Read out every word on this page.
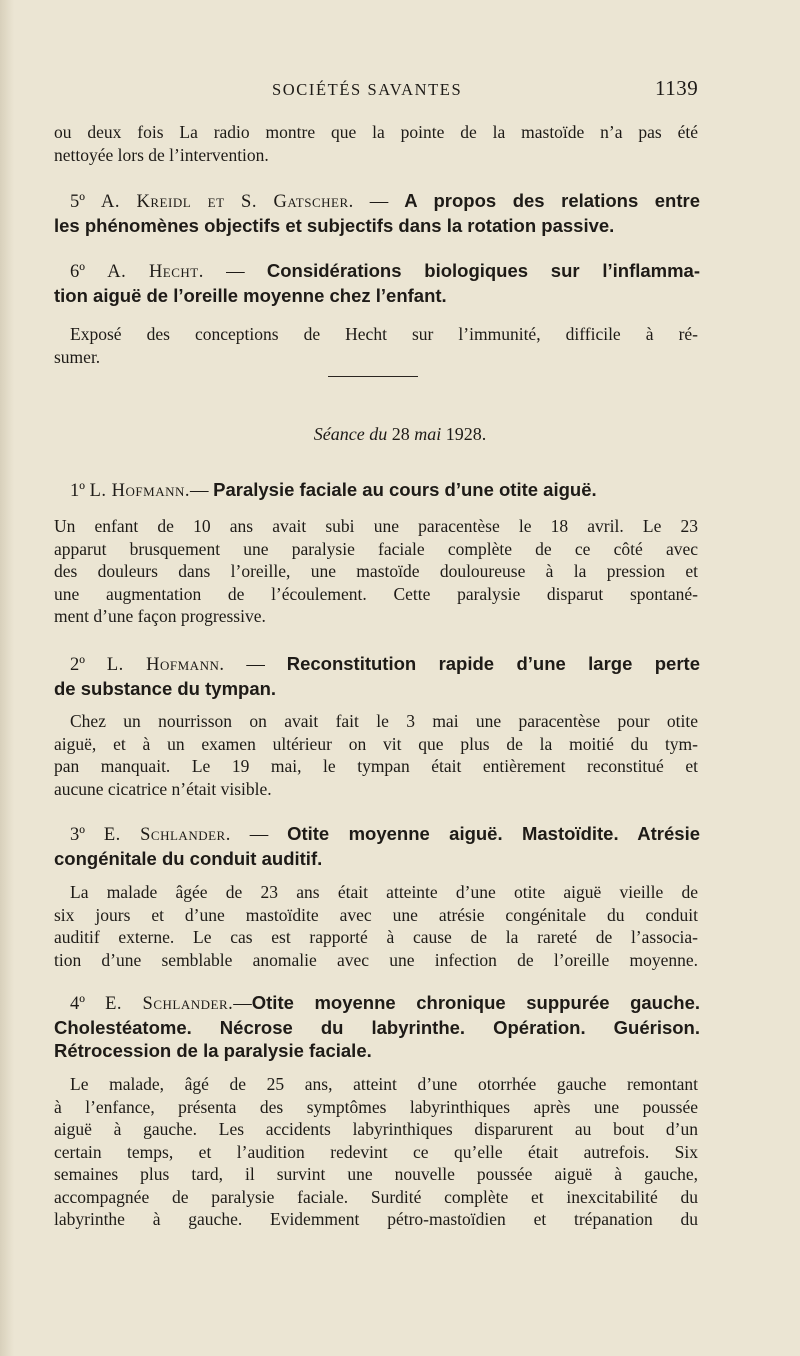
SOCIÉTÉS SAVANTES	1139
ou deux fois La radio montre que la pointe de la mastoïde n’a pas été
nettoyée lors de l’intervention.
5º A. Kreidl et S. Gatscher. — A propos des relations entre
les phénomènes objectifs et subjectifs dans la rotation passive.
6º A. Hecht. — Considérations biologiques sur l’inflamma-
tion aiguë de l’oreille moyenne chez l’enfant.
Exposé des conceptions de Hecht sur l’immunité, difficile à ré-
sumer.
Séance du 28 mai 1928.
1º L. Hofmann.— Paralysie faciale au cours d’une otite aiguë.
Un enfant de 10 ans avait subi une paracentèse le 18 avril. Le 23
apparut brusquement une paralysie faciale complète de ce côté avec
des douleurs dans l’oreille, une mastoïde douloureuse à la pression et
une augmentation de l’écoulement. Cette paralysie disparut spontané-
ment d’une façon progressive.
2º L. Hofmann. — Reconstitution rapide d’une large perte
de substance du tympan.
Chez un nourrisson on avait fait le 3 mai une paracentèse pour otite
aiguë, et à un examen ultérieur on vit que plus de la moitié du tym-
pan manquait. Le 19 mai, le tympan était entièrement reconstitué et
aucune cicatrice n’était visible.
3º E. Schlander. — Otite moyenne aiguë. Mastoïdite. Atrésie
congénitale du conduit auditif.
La malade âgée de 23 ans était atteinte d’une otite aiguë vieille de
six jours et d’une mastoïdite avec une atrésie congénitale du conduit
auditif externe. Le cas est rapporté à cause de la rareté de l’associa-
tion d’une semblable anomalie avec une infection de l’oreille moyenne.
4º E. Schlander.—Otite moyenne chronique suppurée gauche.
Cholestéatome. Nécrose du labyrinthe. Opération. Guérison.
Rétrocession de la paralysie faciale.
Le malade, âgé de 25 ans, atteint d’une otorrhée gauche remontant
à l’enfance, présenta des symptômes labyrinthiques après une poussée
aiguë à gauche. Les accidents labyrinthiques disparurent au bout d’un
certain temps, et l’audition redevint ce qu’elle était autrefois. Six
semaines plus tard, il survint une nouvelle poussée aiguë à gauche,
accompagnée de paralysie faciale. Surdité complète et inexcitabilité du
labyrinthe à gauche. Evidemment pétro-mastoïdien et trépanation du
